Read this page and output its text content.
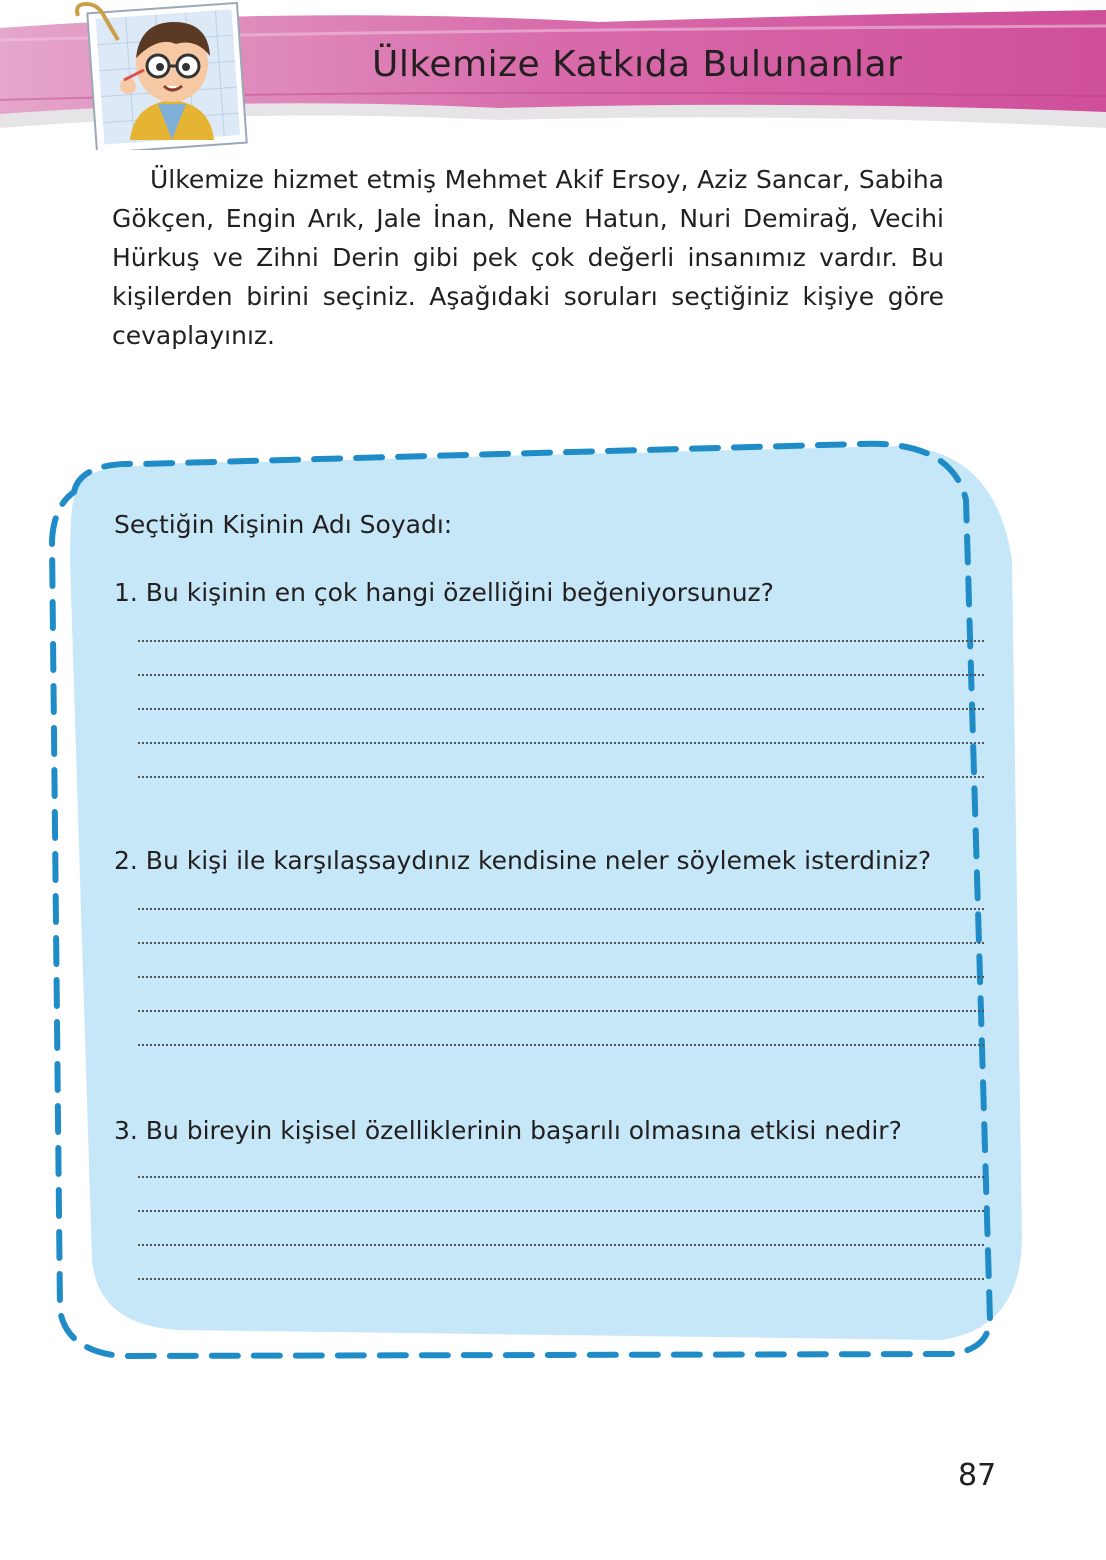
Ülkemize Katkıda Bulunanlar
Ülkemize hizmet etmiş Mehmet Akif Ersoy, Aziz Sancar, Sabiha Gökçen, Engin Arık, Jale İnan, Nene Hatun, Nuri Demirağ, Vecihi Hürkuş ve Zihni Derin gibi pek çok değerli insanımız vardır. Bu kişilerden birini seçiniz. Aşağıdaki soruları seçtiğiniz kişiye göre cevaplayınız.
Seçtiğin Kişinin Adı Soyadı:
1. Bu kişinin en çok hangi özelliğini beğeniyorsunuz?
2. Bu kişi ile karşılaşsaydınız kendisine neler söylemek isterdiniz?
3. Bu bireyin kişisel özelliklerinin başarılı olmasına etkisi nedir?
87
